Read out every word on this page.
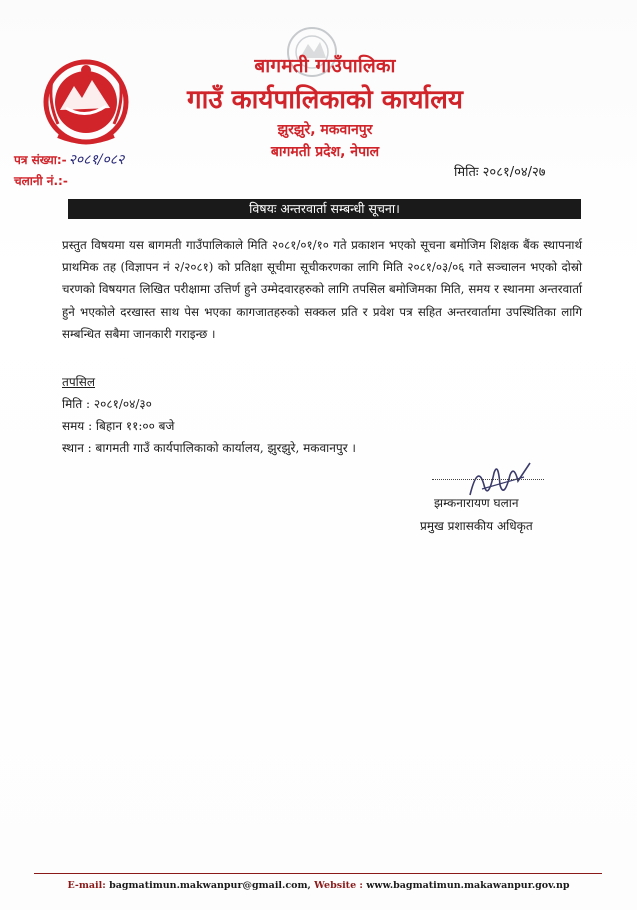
बागमती गाउँपालिका
गाउँ कार्यपालिकाको कार्यालय
झुरझुरे, मकवानपुर
बागमती प्रदेश, नेपाल
पत्र संख्या:- २०८१/०८२
चलानी नं.:-
मितिः २०८१/०४/२७
विषयः अन्तरवार्ता सम्बन्धी सूचना।
प्रस्तुत विषयमा यस बागमती गाउँपालिकाले मिति २०८१/०१/१० गते प्रकाशन भएको सूचना बमोजिम शिक्षक बैंक स्थापनार्थ प्राथमिक तह (विज्ञापन नं २/२०८१) को प्रतिक्षा सूचीमा सूचीकरणका लागि मिति २०८१/०३/०६ गते सञ्चालन भएको दोस्रो चरणको विषयगत लिखित परीक्षामा उत्तिर्ण हुने उम्मेदवारहरुको लागि तपसिल बमोजिमका मिति, समय र स्थानमा अन्तरवार्ता हुने भएकोले दरखास्त साथ पेस भएका कागजातहरुको सक्कल प्रति र प्रवेश पत्र सहित अन्तरवार्तामा उपस्थितिका लागि सम्बन्धित सबैमा जानकारी गराइन्छ ।
तपसिल
मिति : २०८१/०४/३०
समय : बिहान ११:०० बजे
स्थान : बागमती गाउँ कार्यपालिकाको कार्यालय, झुरझुरे, मकवानपुर ।
झम्कनारायण घलान
प्रमुख प्रशासकीय अधिकृत
E-mail: bagmatimun.makwanpur@gmail.com, Website : www.bagmatimun.makawanpur.gov.np
